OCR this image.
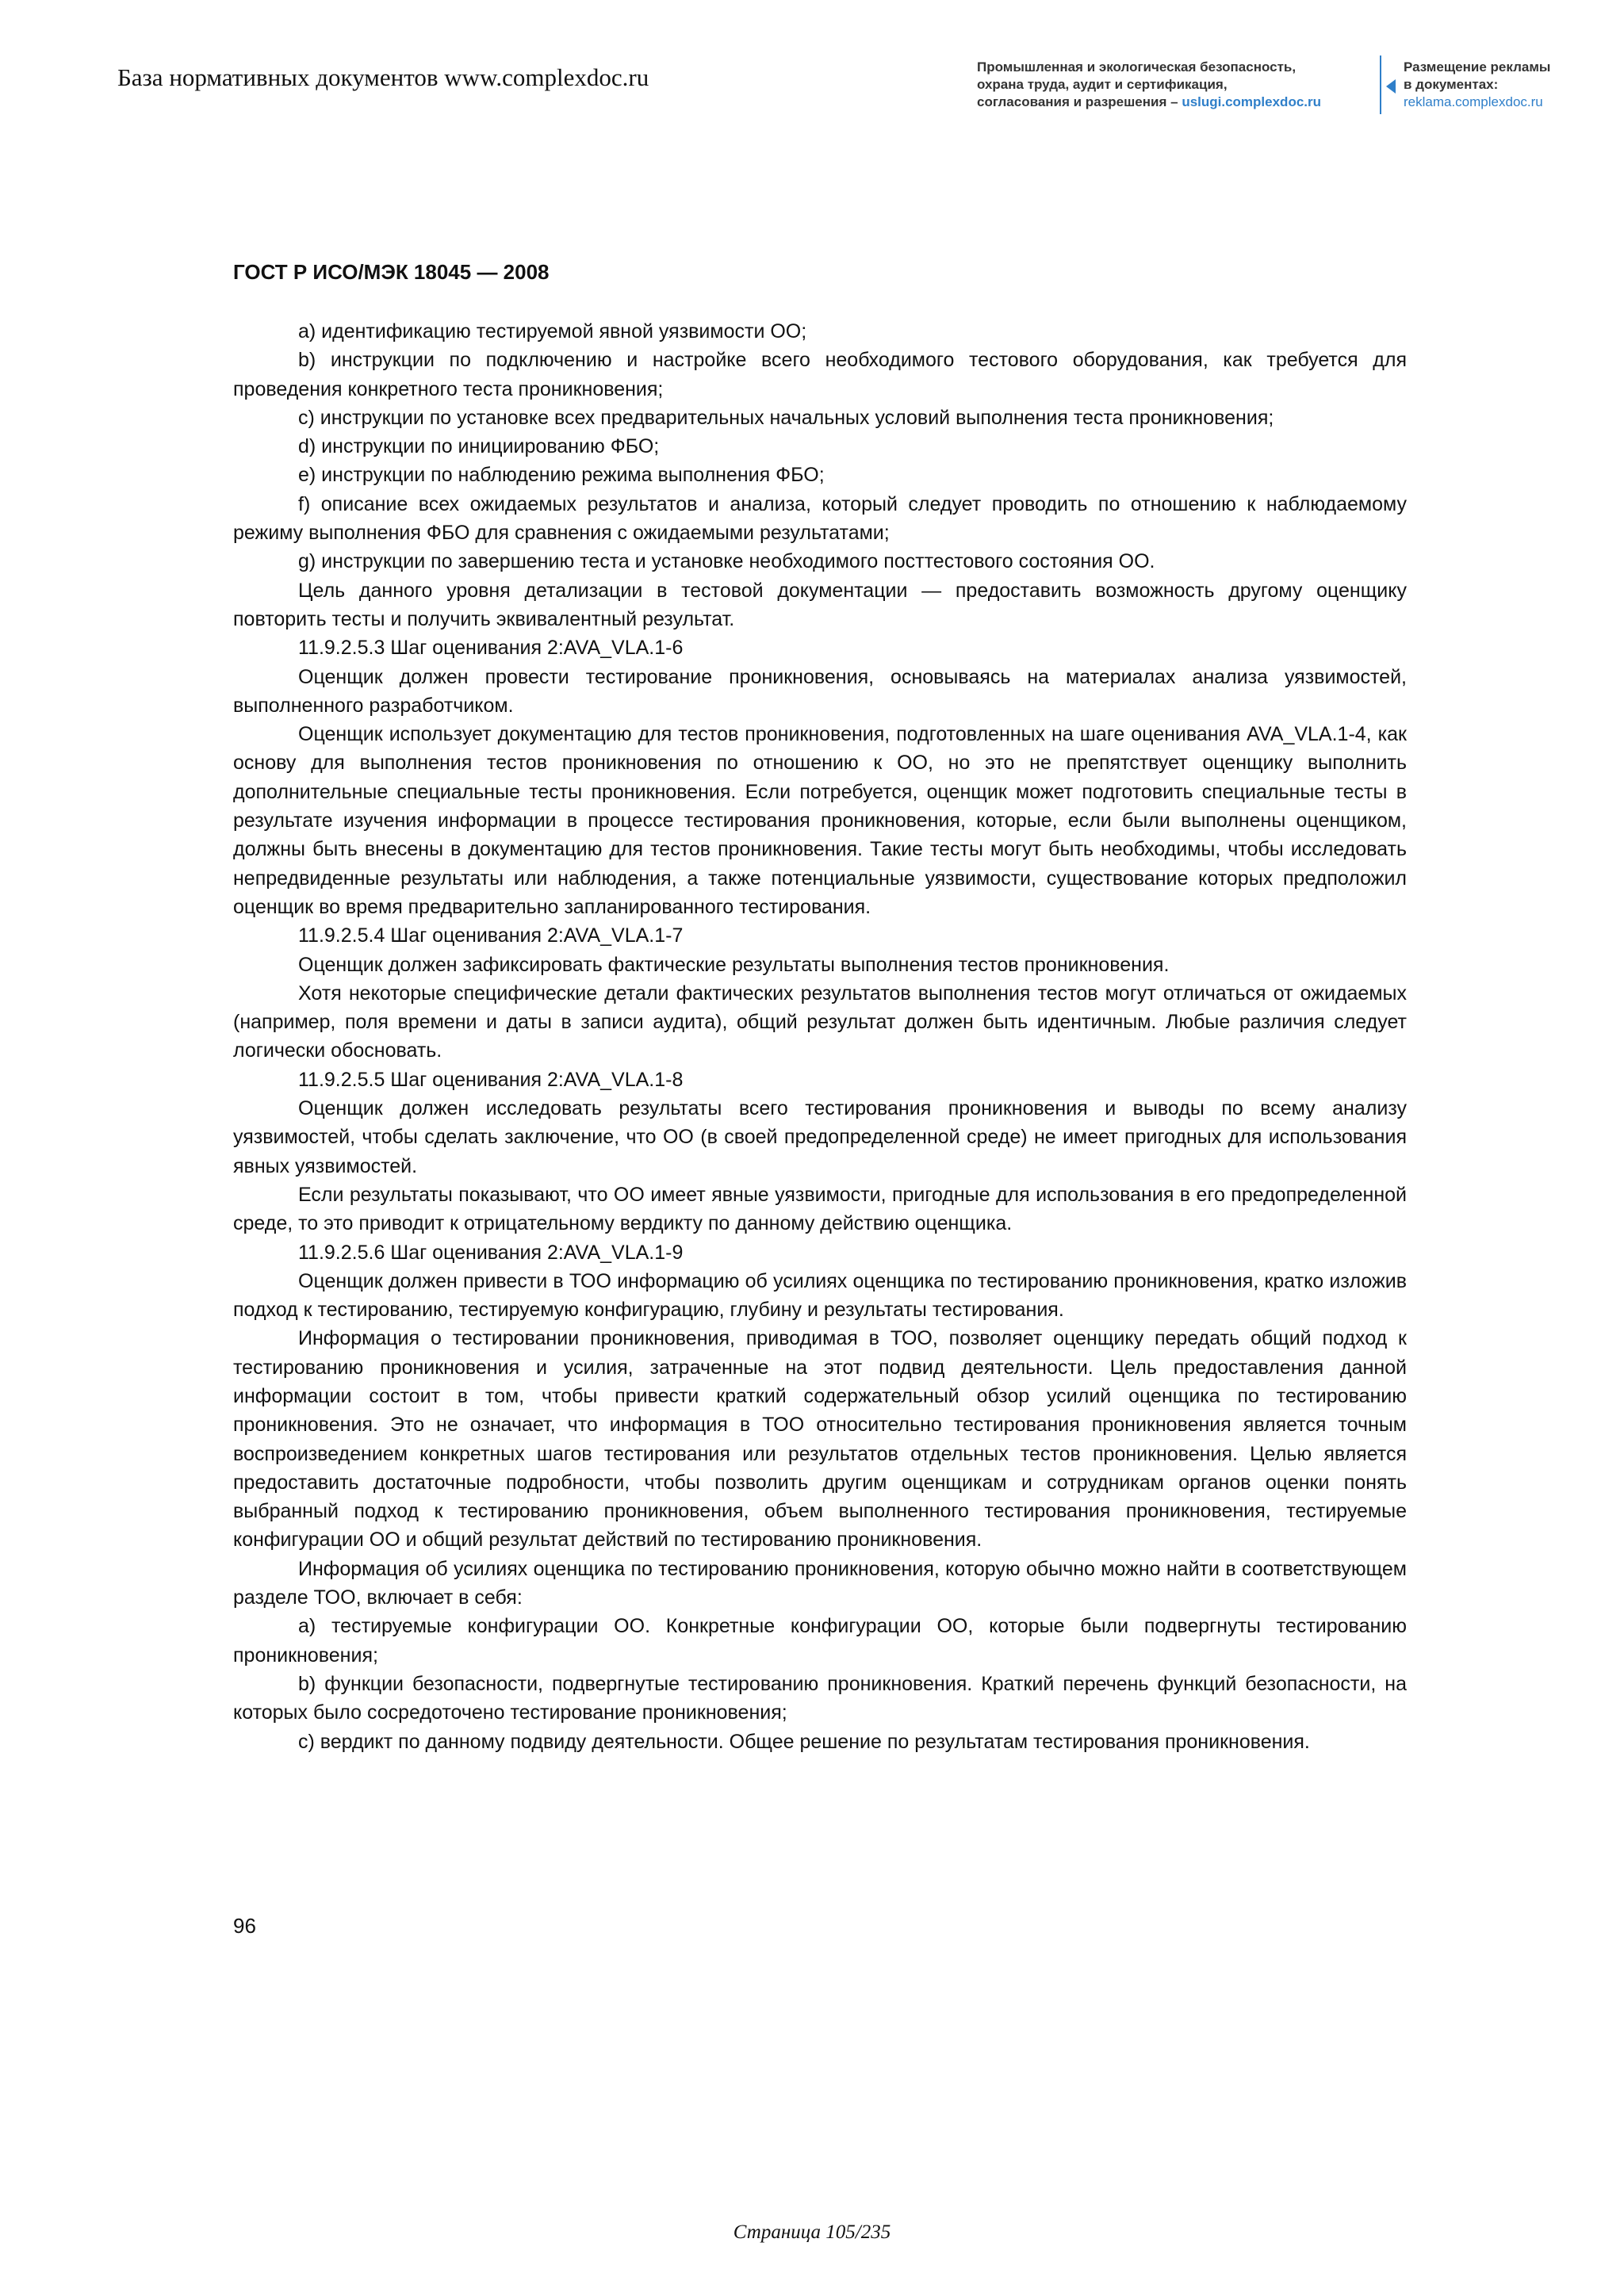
База нормативных документов www.complexdoc.ru	Промышленная и экологическая безопасность,
охрана труда, аудит и сертификация,
согласования и разрешения – uslugi.complexdoc.ru
Размещение рекламы
в документах:
reklama.complexdoc.ru
ГОСТ Р ИСО/МЭК 18045 — 2008

a) идентификацию тестируемой явной уязвимости ОО;

b) инструкции по подключению и настройке всего необходимого тестового оборудования, как требуется для проведения конкретного теста проникновения;

c) инструкции по установке всех предварительных начальных условий выполнения теста проникновения;

d) инструкции по инициированию ФБО;

e) инструкции по наблюдению режима выполнения ФБО;

f) описание всех ожидаемых результатов и анализа, который следует проводить по отношению к наблюдаемому режиму выполнения ФБО для сравнения с ожидаемыми результатами;

g) инструкции по завершению теста и установке необходимого посттестового состояния ОО.

Цель данного уровня детализации в тестовой документации — предоставить возможность другому оценщику повторить тесты и получить эквивалентный результат.

11.9.2.5.3 Шаг оценивания 2:AVA_VLA.1-6

Оценщик должен провести тестирование проникновения, основываясь на материалах анализа уязвимостей, выполненного разработчиком.

Оценщик использует документацию для тестов проникновения, подготовленных на шаге оценивания AVA_VLA.1-4, как основу для выполнения тестов проникновения по отношению к ОО, но это не препятствует оценщику выполнить дополнительные специальные тесты проникновения. Если потребуется, оценщик может подготовить специальные тесты в результате изучения информации в процессе тестирования проникновения, которые, если были выполнены оценщиком, должны быть внесены в документацию для тестов проникновения. Такие тесты могут быть необходимы, чтобы исследовать непредвиденные результаты или наблюдения, а также потенциальные уязвимости, существование которых предположил оценщик во время предварительно запланированного тестирования.

11.9.2.5.4 Шаг оценивания 2:AVA_VLA.1-7

Оценщик должен зафиксировать фактические результаты выполнения тестов проникновения.

Хотя некоторые специфические детали фактических результатов выполнения тестов могут отличаться от ожидаемых (например, поля времени и даты в записи аудита), общий результат должен быть идентичным. Любые различия следует логически обосновать.

11.9.2.5.5 Шаг оценивания 2:AVA_VLA.1-8

Оценщик должен исследовать результаты всего тестирования проникновения и выводы по всему анализу уязвимостей, чтобы сделать заключение, что ОО (в своей предопределенной среде) не имеет пригодных для использования явных уязвимостей.

Если результаты показывают, что ОО имеет явные уязвимости, пригодные для использования в его предопределенной среде, то это приводит к отрицательному вердикту по данному действию оценщика.

11.9.2.5.6 Шаг оценивания 2:AVA_VLA.1-9

Оценщик должен привести в ТОО информацию об усилиях оценщика по тестированию проникновения, кратко изложив подход к тестированию, тестируемую конфигурацию, глубину и результаты тестирования.

Информация о тестировании проникновения, приводимая в ТОО, позволяет оценщику передать общий подход к тестированию проникновения и усилия, затраченные на этот подвид деятельности. Цель предоставления данной информации состоит в том, чтобы привести краткий содержательный обзор усилий оценщика по тестированию проникновения. Это не означает, что информация в ТОО относительно тестирования проникновения является точным воспроизведением конкретных шагов тестирования или результатов отдельных тестов проникновения. Целью является предоставить достаточные подробности, чтобы позволить другим оценщикам и сотрудникам органов оценки понять выбранный подход к тестированию проникновения, объем выполненного тестирования проникновения, тестируемые конфигурации ОО и общий результат действий по тестированию проникновения.

Информация об усилиях оценщика по тестированию проникновения, которую обычно можно найти в соответствующем разделе ТОО, включает в себя:

a) тестируемые конфигурации ОО. Конкретные конфигурации ОО, которые были подвергнуты тестированию проникновения;

b) функции безопасности, подвергнутые тестированию проникновения. Краткий перечень функций безопасности, на которых было сосредоточено тестирование проникновения;

c) вердикт по данному подвиду деятельности. Общее решение по результатам тестирования проникновения.

96
Страница 105/235
